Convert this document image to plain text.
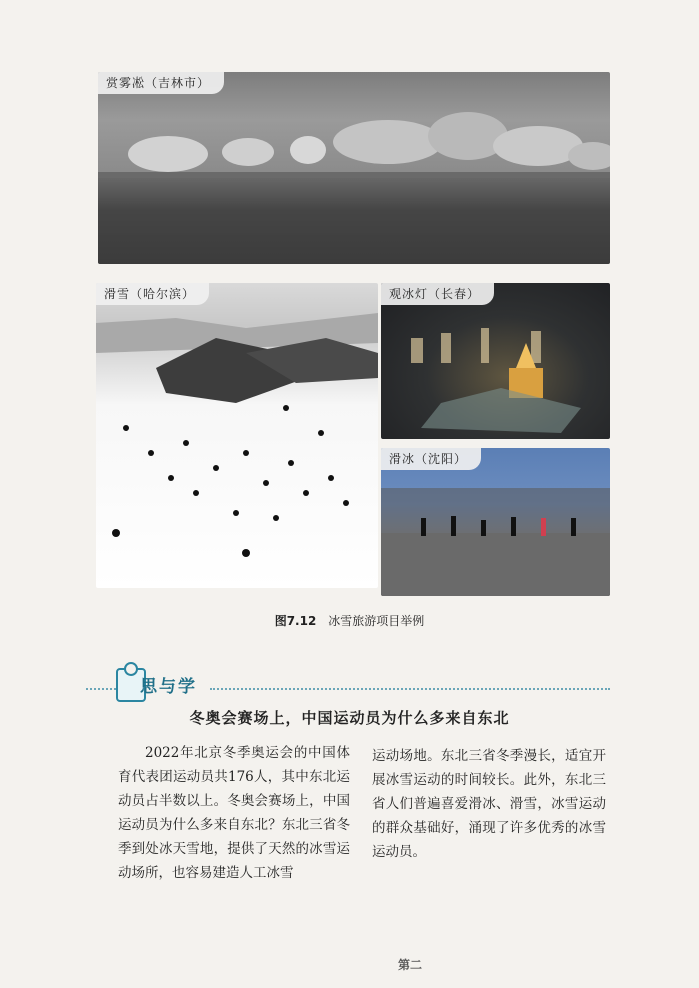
赏雾凇（吉林市）
滑雪（哈尔滨）	观冰灯（长春）
滑冰（沈阳）
图7.12 冰雪旅游项目举例
思与学
冬奥会赛场上，中国运动员为什么多来自东北
2022年北京冬季奥运会的中国体育代表团运动员共176人，其中东北运动员占半数以上。冬奥会赛场上，中国运动员为什么多来自东北？东北三省冬季到处冰天雪地，提供了天然的冰雪运动场所，也容易建造人工冰雪
运动场地。东北三省冬季漫长，适宜开展冰雪运动的时间较长。此外，东北三省人们普遍喜爱滑冰、滑雪，冰雪运动的群众基础好，涌现了许多优秀的冰雪运动员。
第二
